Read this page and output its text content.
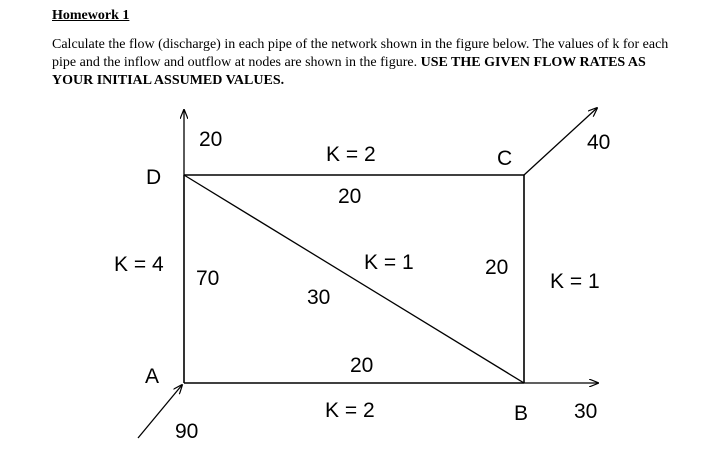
Homework 1
Calculate the flow (discharge) in each pipe of the network shown in the figure below. The values of k for each pipe and the inflow and outflow at nodes are shown in the figure. USE THE GIVEN FLOW RATES AS YOUR INITIAL ASSUMED VALUES.
D
C
A
B
K = 2
K = 1
K = 4
K = 1
K = 2
20
30
70	20
20
20	40
90
30
